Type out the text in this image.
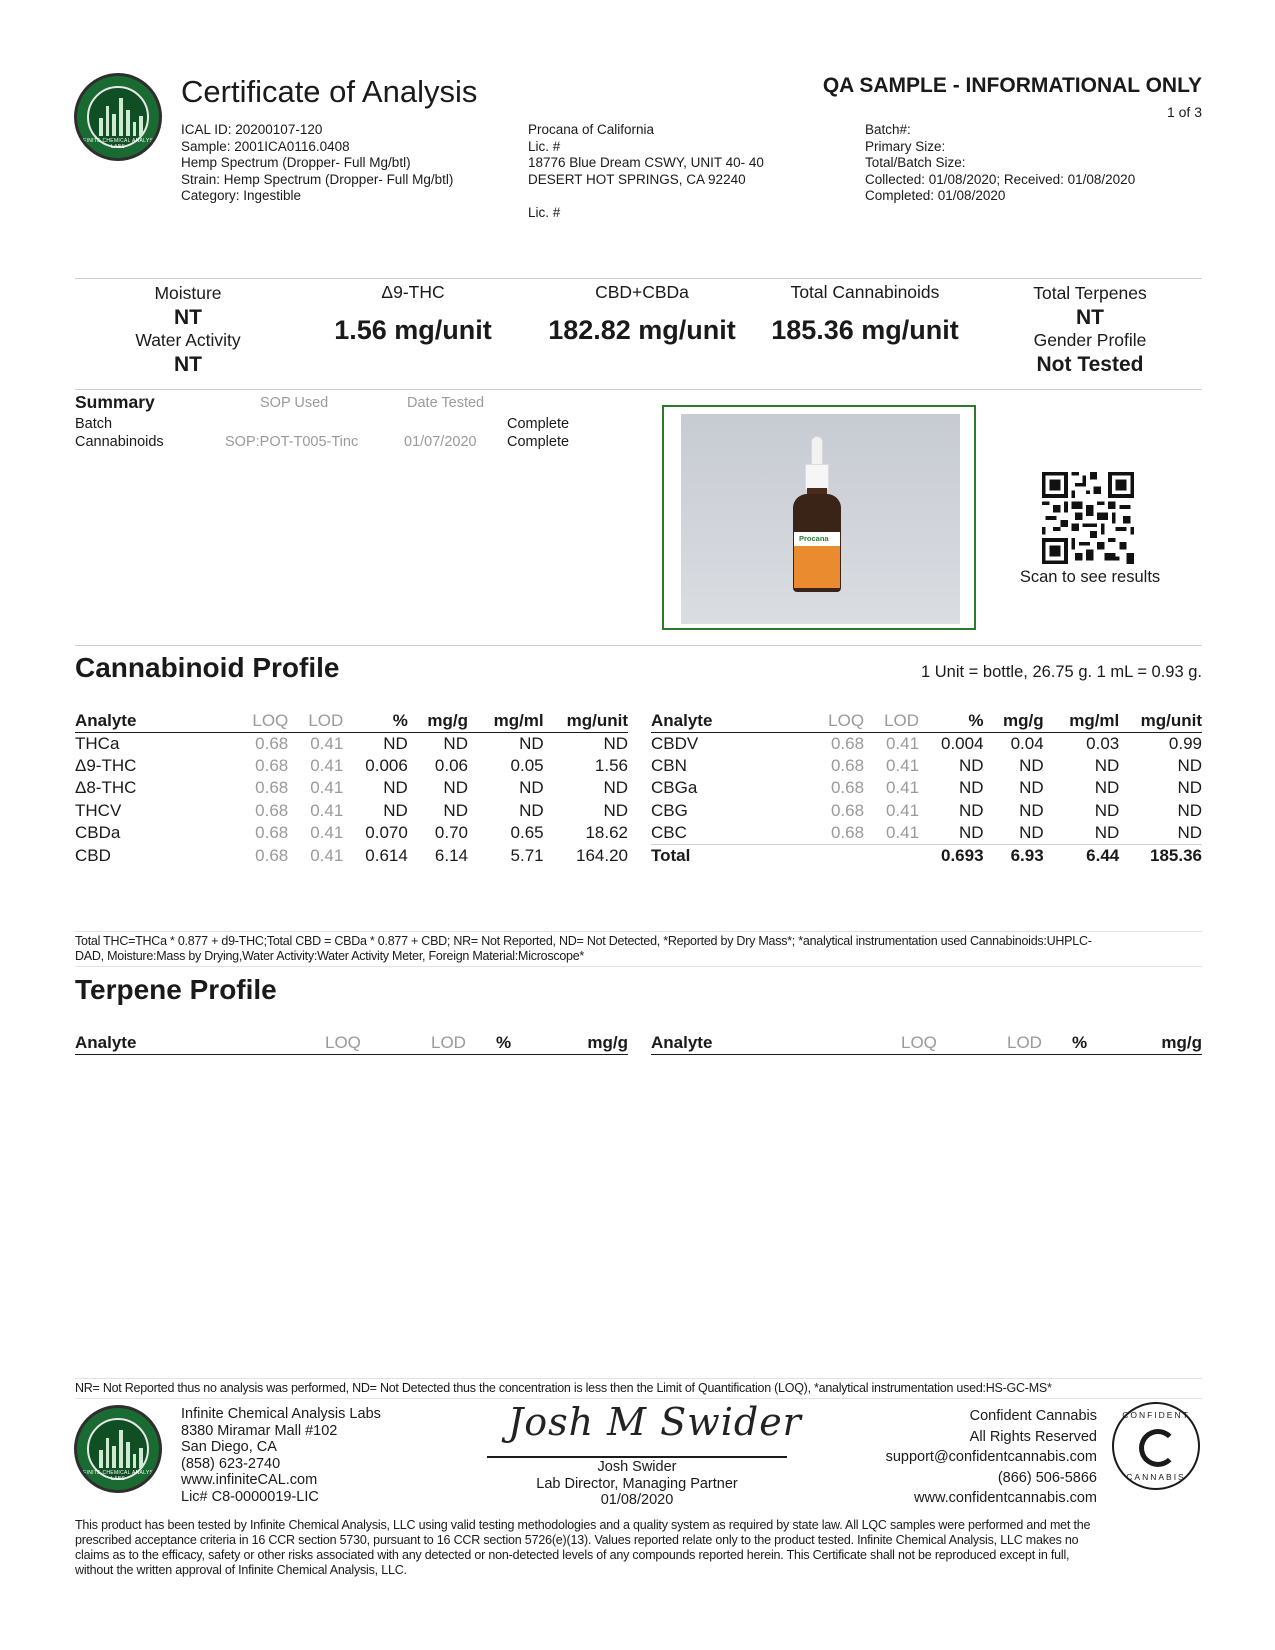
INFINITE CHEMICAL ANALYSIS LABS
Certificate of Analysis	QA SAMPLE - INFORMATIONAL ONLY
1 of 3
ICAL ID: 20200107-120
Sample: 2001ICA0116.0408
Hemp Spectrum (Dropper- Full Mg/btl)
Strain: Hemp Spectrum (Dropper- Full Mg/btl)
Category: Ingestible
Procana of California
Lic. #
18776 Blue Dream CSWY, UNIT 40- 40
DESERT HOT SPRINGS, CA 92240
Lic. #
Batch#:
Primary Size:
Total/Batch Size:
Collected: 01/08/2020; Received: 01/08/2020
Completed: 01/08/2020
Moisture
NT
Water Activity
NT
Δ9-THC
1.56 mg/unit
CBD+CBDa
182.82 mg/unit
Total Cannabinoids
185.36 mg/unit
Total Terpenes
NT
Gender Profile
Not Tested
Summary	SOP Used	Date Tested
Batch	Complete
Cannabinoids	SOP:POT-T005-Tinc	01/07/2020 Complete
Procana
Scan to see results
Cannabinoid Profile	1 Unit = bottle, 26.75 g. 1 mL = 0.93 g.
Analyte	LOQ	LOD	%	mg/g	mg/ml	mg/unit
THCa	0.68	0.41	ND	ND	ND	ND
Δ9-THC	0.68	0.41	0.006	0.06	0.05	1.56
Δ8-THC	0.68	0.41	ND	ND	ND	ND
THCV	0.68	0.41	ND	ND	ND	ND
CBDa	0.68	0.41	0.070	0.70	0.65	18.62
CBD	0.68	0.41	0.614	6.14	5.71	164.20
Analyte	LOQ	LOD	%	mg/g	mg/ml	mg/unit
CBDV	0.68	0.41	0.004	0.04	0.03	0.99
CBN	0.68	0.41	ND	ND	ND	ND
CBGa	0.68	0.41	ND	ND	ND	ND
CBG	0.68	0.41	ND	ND	ND	ND
CBC	0.68	0.41	ND	ND	ND	ND
Total			0.693	6.93	6.44	185.36
Total THC=THCa * 0.877 + d9-THC;Total CBD = CBDa * 0.877 + CBD; NR= Not Reported, ND= Not Detected, *Reported by Dry Mass*; *analytical instrumentation used Cannabinoids:UHPLC-
DAD, Moisture:Mass by Drying,Water Activity:Water Activity Meter, Foreign Material:Microscope*
Terpene Profile
Analyte	LOQ	LOD %	mg/g Analyte	LOQ	LOD %	mg/g
NR= Not Reported thus no analysis was performed, ND= Not Detected thus the concentration is less then the Limit of Quantification (LOQ), *analytical instrumentation used:HS-GC-MS*
INFINITE CHEMICAL ANALYSIS LABS
Infinite Chemical Analysis Labs
8380 Miramar Mall #102
San Diego, CA
(858) 623-2740
www.infiniteCAL.com
Lic# C8-0000019-LIC
Josh M Swider
Josh Swider
Lab Director, Managing Partner
01/08/2020
Confident Cannabis
All Rights Reserved
support@confidentcannabis.com
(866) 506-5866
www.confidentcannabis.com
CONFIDENT
CANNABIS
This product has been tested by Infinite Chemical Analysis, LLC using valid testing methodologies and a quality system as required by state law. All LQC samples were performed and met the
prescribed acceptance criteria in 16 CCR section 5730, pursuant to 16 CCR section 5726(e)(13). Values reported relate only to the product tested. Infinite Chemical Analysis, LLC makes no
claims as to the efficacy, safety or other risks associated with any detected or non-detected levels of any compounds reported herein. This Certificate shall not be reproduced except in full,
without the written approval of Infinite Chemical Analysis, LLC.
